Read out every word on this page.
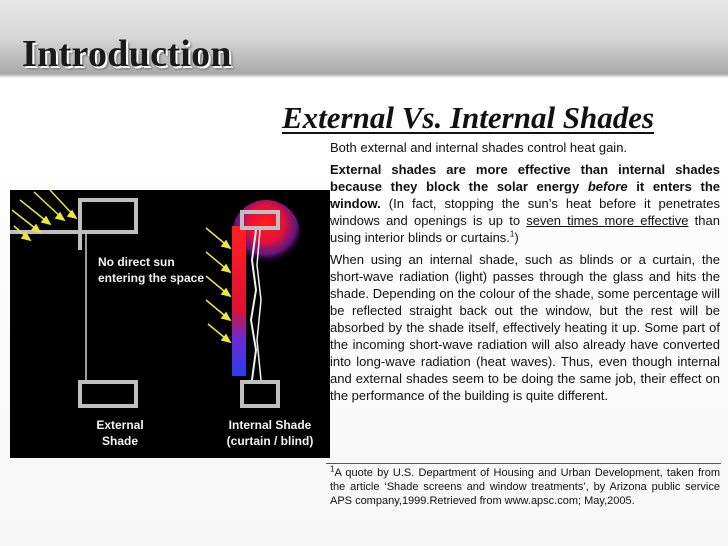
Introduction
External Vs. Internal Shades
No direct sun entering the space
External Shade
Internal Shade (curtain / blind)

Both external and internal shades control heat gain.

External shades are more effective than internal shades because they block the solar energy before it enters the window. (In fact, stopping the sun’s heat before it penetrates windows and openings is up to seven times more effective than using interior blinds or curtains.$^1$)

When using an internal shade, such as blinds or a curtain, the short-wave radiation (light) passes through the glass and hits the shade. Depending on the colour of the shade, some percentage will be reflected straight back out the window, but the rest will be absorbed by the shade itself, effectively heating it up. Some part of the incoming short-wave radiation will also already have converted into long-wave radiation (heat waves). Thus, even though internal and external shades seem to be doing the same job, their effect on the performance of the building is quite different.

$^1$A quote by U.S. Department of Housing and Urban Development, taken from the article ‘Shade screens and window treatments’, by Arizona public service APS company,1999.Retrieved from www.apsc.com; May,2005.
